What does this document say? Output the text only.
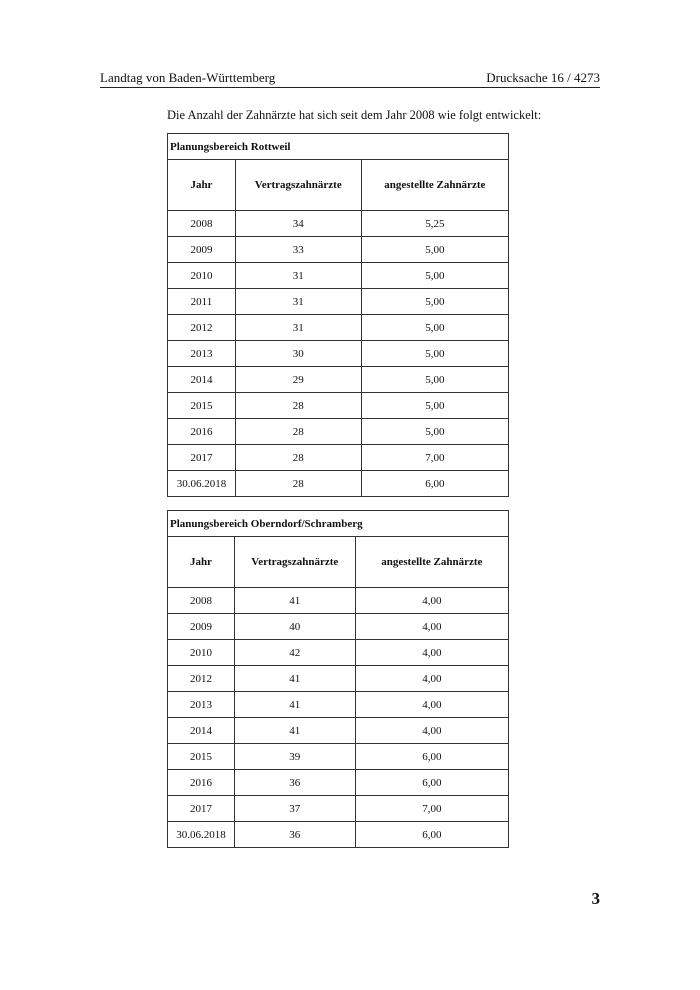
Landtag von Baden-Württemberg	Drucksache 16 / 4273
Die Anzahl der Zahnärzte hat sich seit dem Jahr 2008 wie folgt entwickelt:
Planungsbereich Rottweil		
Jahr	Vertragszahnärzte	angestellte Zahnärzte
2008	34	5,25
2009	33	5,00
2010	31	5,00
2011	31	5,00
2012	31	5,00
2013	30	5,00
2014	29	5,00
2015	28	5,00
2016	28	5,00
2017	28	7,00
30.06.2018	28	6,00
Planungsbereich Oberndorf/Schramberg		
Jahr	Vertragszahnärzte	angestellte Zahnärzte
2008	41	4,00
2009	40	4,00
2010	42	4,00
2012	41	4,00
2013	41	4,00
2014	41	4,00
2015	39	6,00
2016	36	6,00
2017	37	7,00
30.06.2018	36	6,00
3
